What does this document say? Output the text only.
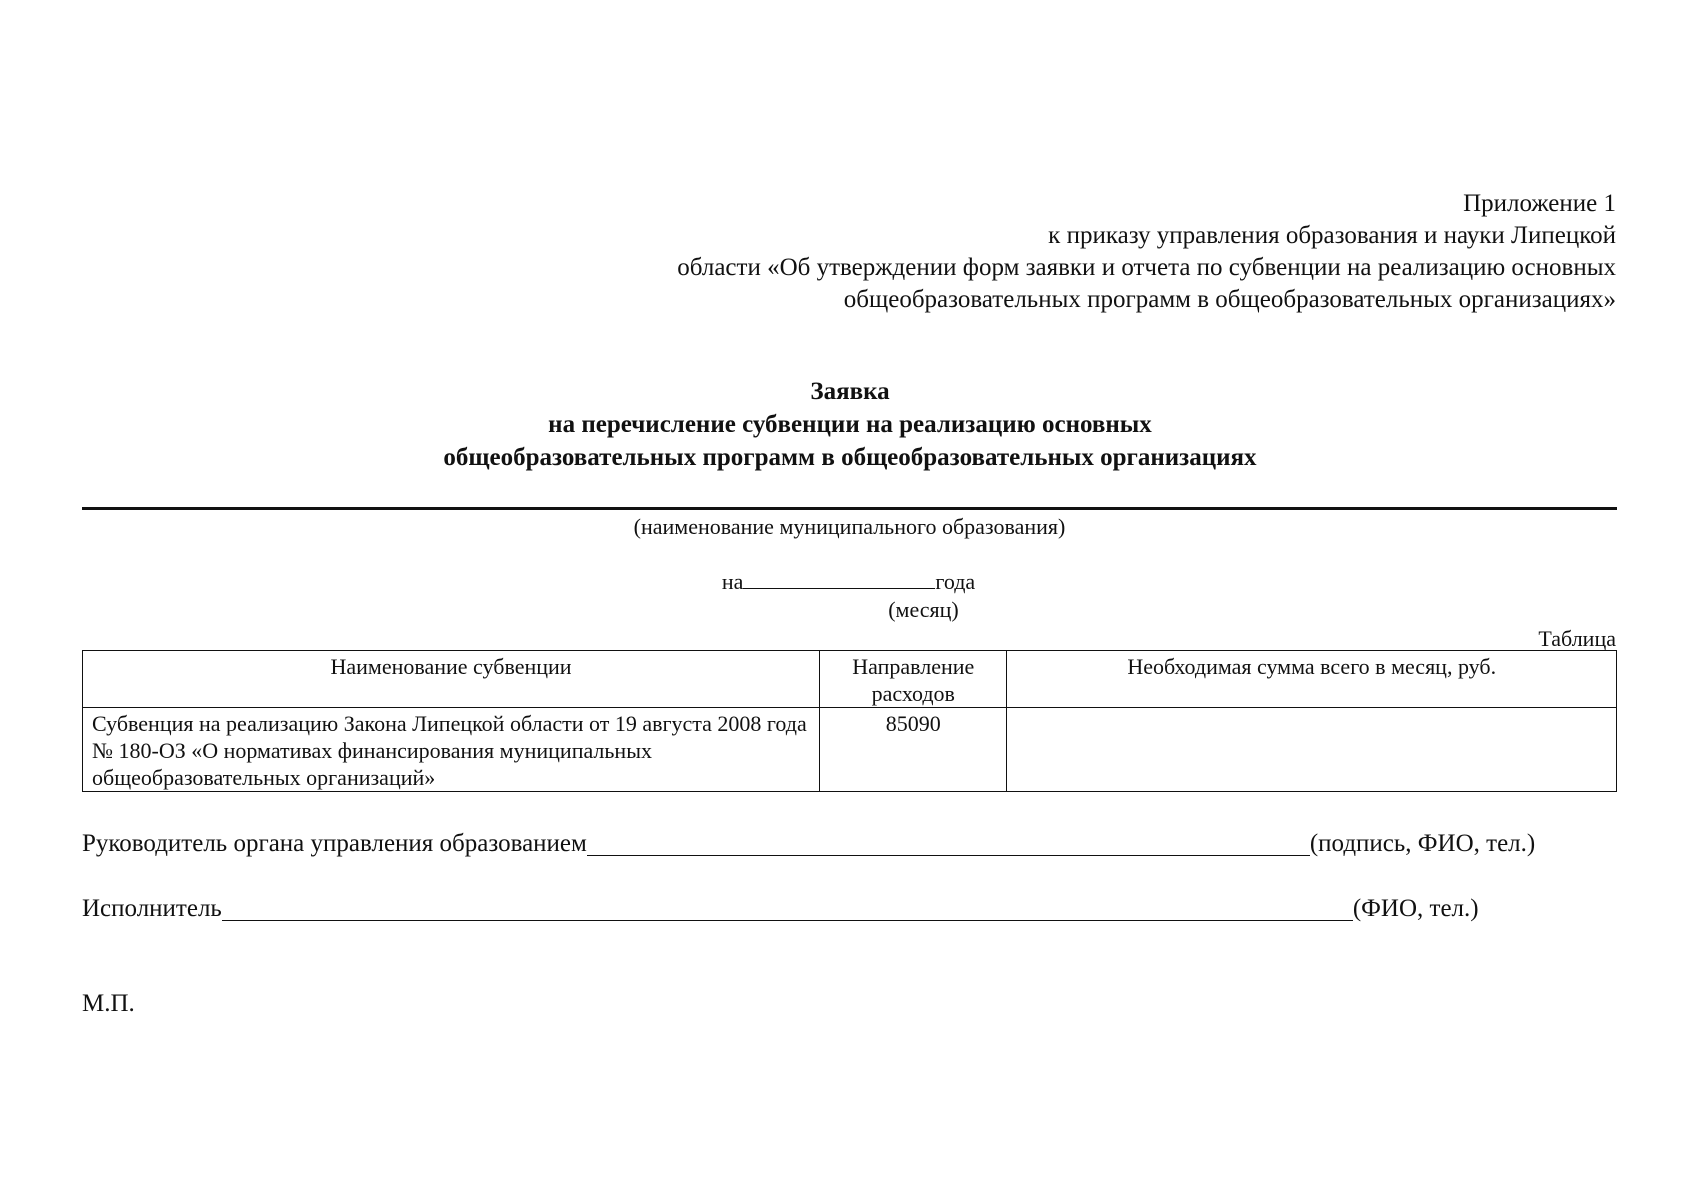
Приложение 1
к приказу управления образования и науки Липецкой
области «Об утверждении форм заявки и отчета по субвенции на реализацию основных
общеобразовательных программ в общеобразовательных организациях»
Заявка
на перечисление субвенции на реализацию основных
общеобразовательных программ в общеобразовательных организациях
(наименование муниципального образования)
на	года
(месяц)
Таблица
Наименование субвенции	Направление расходов	Необходимая сумма всего в месяц, руб.
Субвенция на реализацию Закона Липецкой области от 19 августа 2008 года № 180-ОЗ «О нормативах финансирования муниципальных общеобразовательных организаций»	85090	
Руководитель органа управления образованием	(подпись, ФИО, тел.)
Исполнитель	(ФИО, тел.)
М.П.
